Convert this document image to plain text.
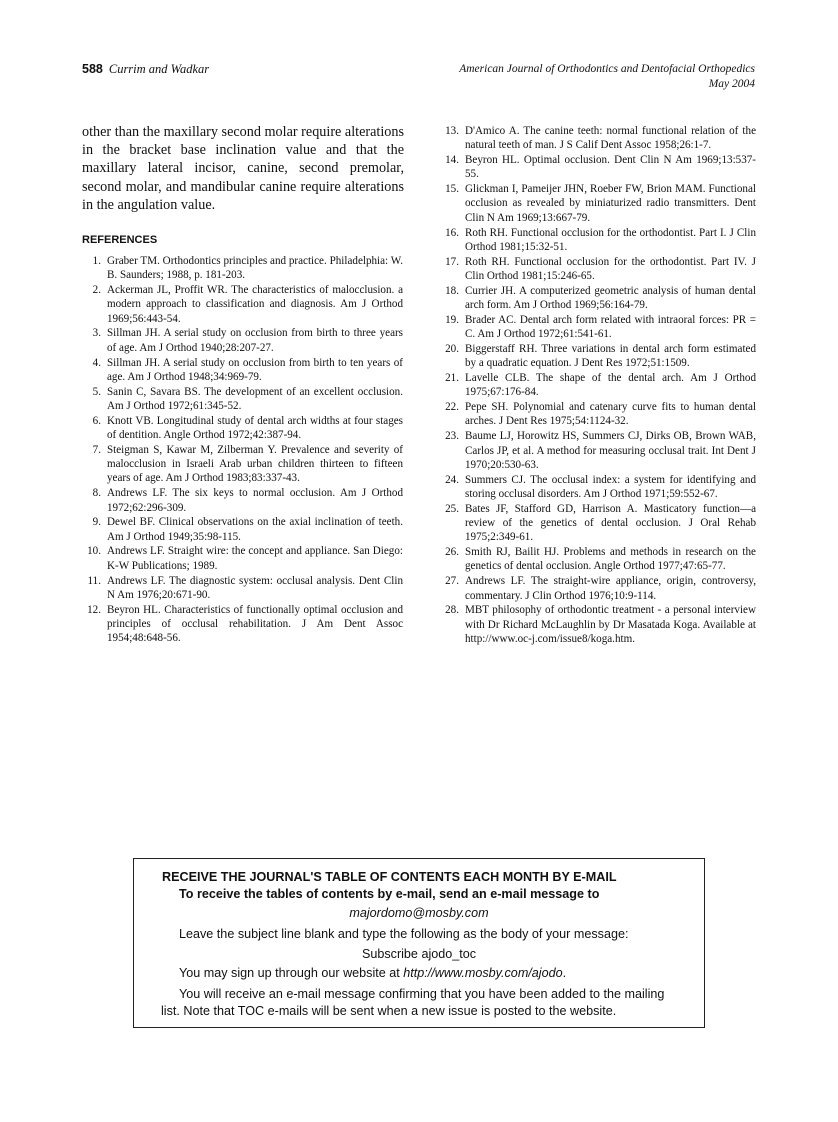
588 Currim and Wadkar	American Journal of Orthodontics and Dentofacial Orthopedics
May 2004
other than the maxillary second molar require alterations in the bracket base inclination value and that the maxillary lateral incisor, canine, second premolar, second molar, and mandibular canine require alterations in the angulation value.
REFERENCES
1. Graber TM. Orthodontics principles and practice. Philadelphia: W. B. Saunders; 1988, p. 181-203.
2. Ackerman JL, Proffit WR. The characteristics of malocclusion. a modern approach to classification and diagnosis. Am J Orthod 1969;56:443-54.
3. Sillman JH. A serial study on occlusion from birth to three years of age. Am J Orthod 1940;28:207-27.
4. Sillman JH. A serial study on occlusion from birth to ten years of age. Am J Orthod 1948;34:969-79.
5. Sanin C, Savara BS. The development of an excellent occlusion. Am J Orthod 1972;61:345-52.
6. Knott VB. Longitudinal study of dental arch widths at four stages of dentition. Angle Orthod 1972;42:387-94.
7. Steigman S, Kawar M, Zilberman Y. Prevalence and severity of malocclusion in Israeli Arab urban children thirteen to fifteen years of age. Am J Orthod 1983;83:337-43.
8. Andrews LF. The six keys to normal occlusion. Am J Orthod 1972;62:296-309.
9. Dewel BF. Clinical observations on the axial inclination of teeth. Am J Orthod 1949;35:98-115.
10. Andrews LF. Straight wire: the concept and appliance. San Diego: K-W Publications; 1989.
11. Andrews LF. The diagnostic system: occlusal analysis. Dent Clin N Am 1976;20:671-90.
12. Beyron HL. Characteristics of functionally optimal occlusion and principles of occlusal rehabilitation. J Am Dent Assoc 1954;48:648-56.
13. D'Amico A. The canine teeth: normal functional relation of the natural teeth of man. J S Calif Dent Assoc 1958;26:1-7.
14. Beyron HL. Optimal occlusion. Dent Clin N Am 1969;13:537-55.
15. Glickman I, Pameijer JHN, Roeber FW, Brion MAM. Functional occlusion as revealed by miniaturized radio transmitters. Dent Clin N Am 1969;13:667-79.
16. Roth RH. Functional occlusion for the orthodontist. Part I. J Clin Orthod 1981;15:32-51.
17. Roth RH. Functional occlusion for the orthodontist. Part IV. J Clin Orthod 1981;15:246-65.
18. Currier JH. A computerized geometric analysis of human dental arch form. Am J Orthod 1969;56:164-79.
19. Brader AC. Dental arch form related with intraoral forces: PR = C. Am J Orthod 1972;61:541-61.
20. Biggerstaff RH. Three variations in dental arch form estimated by a quadratic equation. J Dent Res 1972;51:1509.
21. Lavelle CLB. The shape of the dental arch. Am J Orthod 1975;67:176-84.
22. Pepe SH. Polynomial and catenary curve fits to human dental arches. J Dent Res 1975;54:1124-32.
23. Baume LJ, Horowitz HS, Summers CJ, Dirks OB, Brown WAB, Carlos JP, et al. A method for measuring occlusal trait. Int Dent J 1970;20:530-63.
24. Summers CJ. The occlusal index: a system for identifying and storing occlusal disorders. Am J Orthod 1971;59:552-67.
25. Bates JF, Stafford GD, Harrison A. Masticatory function—a review of the genetics of dental occlusion. J Oral Rehab 1975;2:349-61.
26. Smith RJ, Bailit HJ. Problems and methods in research on the genetics of dental occlusion. Angle Orthod 1977;47:65-77.
27. Andrews LF. The straight-wire appliance, origin, controversy, commentary. J Clin Orthod 1976;10:9-114.
28. MBT philosophy of orthodontic treatment - a personal interview with Dr Richard McLaughlin by Dr Masatada Koga. Available at http://www.oc-j.com/issue8/koga.htm.
RECEIVE THE JOURNAL'S TABLE OF CONTENTS EACH MONTH BY E-MAIL
To receive the tables of contents by e-mail, send an e-mail message to
majordomo@mosby.com
Leave the subject line blank and type the following as the body of your message:
Subscribe ajodo_toc
You may sign up through our website at http://www.mosby.com/ajodo.
You will receive an e-mail message confirming that you have been added to the mailing
list. Note that TOC e-mails will be sent when a new issue is posted to the website.
